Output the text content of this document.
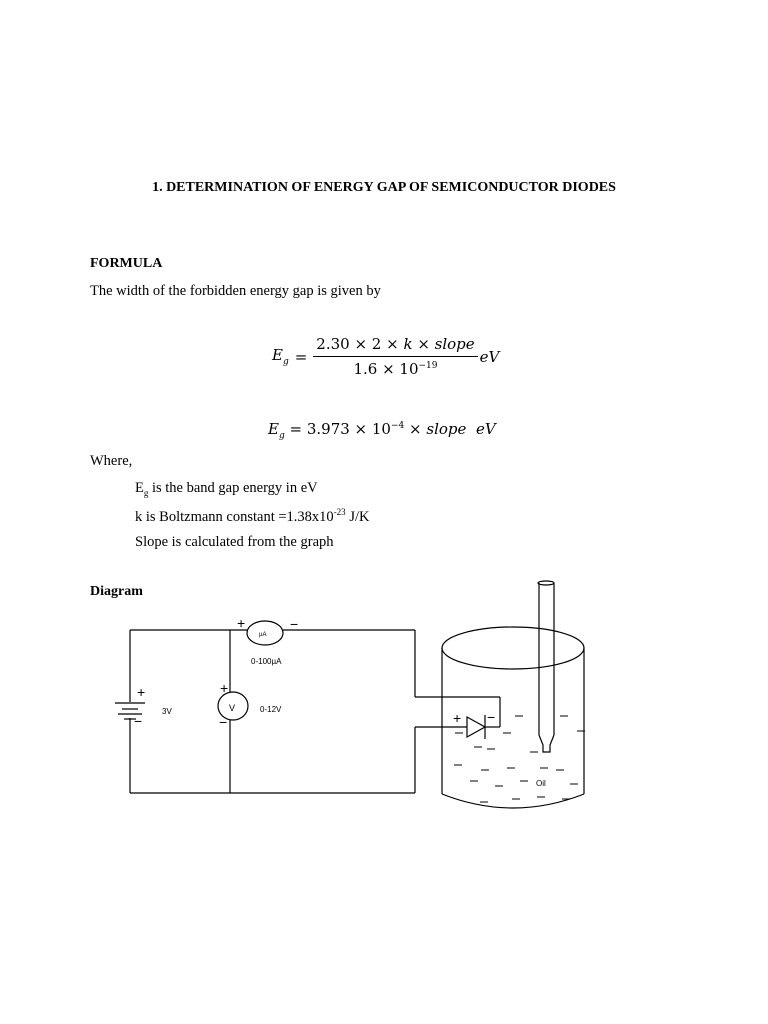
1. DETERMINATION OF ENERGY GAP OF SEMICONDUCTOR DIODES
FORMULA
The width of the forbidden energy gap is given by
$E_g = \frac{\text{2.30 × 2 × k × slope}}{1.6 \times 10^{-19}}$ eV
$E_g = 3.973 \times 10^{-4}$ × slope eV
Where,
$E_g$ is the band gap energy in eV
k is Boltzmann constant $=1.38x10^{-23}$ J/K
Slope is calculated from the graph
Diagram
µA
+	−
0-100µA
V
+
−
0-12V
+
−
3V	+ −
Oil
